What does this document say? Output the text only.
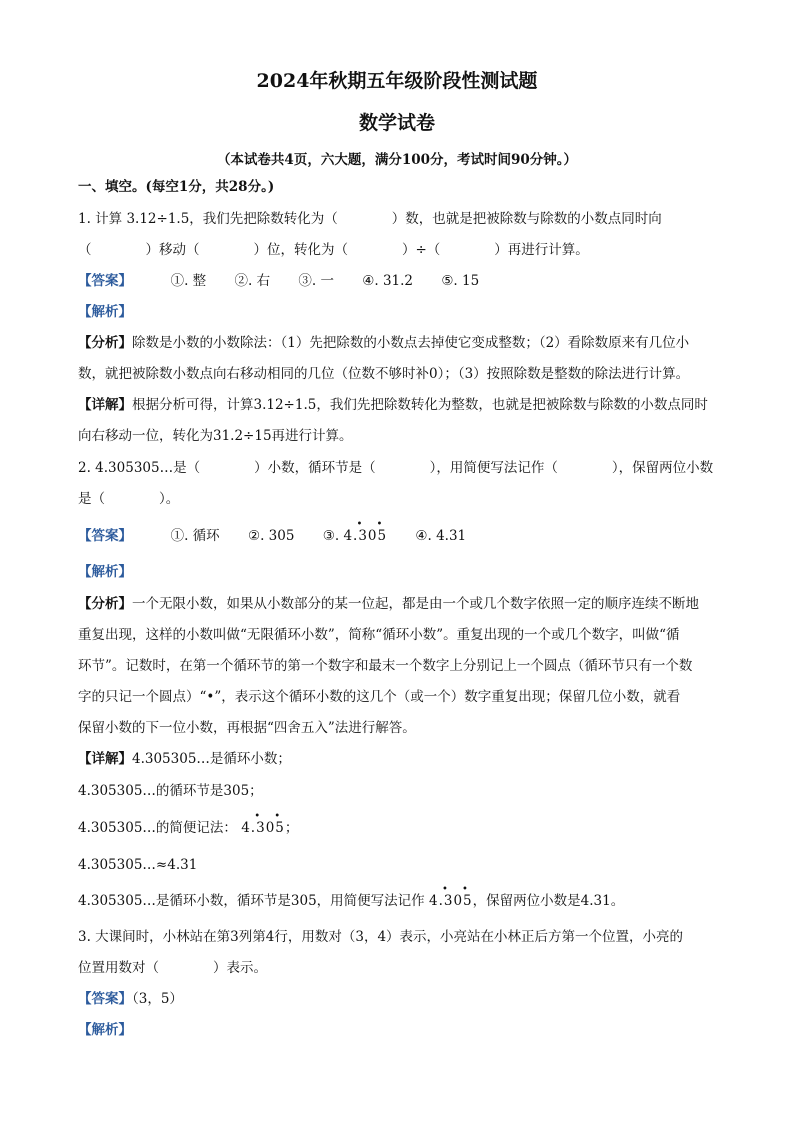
2024年秋期五年级阶段性测试题
数学试卷
（本试卷共4页，六大题，满分100分，考试时间90分钟。）
一、填空。(每空1分，共28分。)
1. 计算 3.12÷1.5，我们先把除数转化为（　　　　）数，也就是把被除数与除数的小数点同时向
（　　　　）移动（　　　　）位，转化为（　　　　）÷（　　　　）再进行计算。
【答案】	①. 整 ②. 右 ③. 一 ④. 31.2 ⑤. 15
【解析】
【分析】除数是小数的小数除法：（1）先把除数的小数点去掉使它变成整数；（2）看除数原来有几位小
数，就把被除数小数点向右移动相同的几位（位数不够时补0）；（3）按照除数是整数的除法进行计算。
【详解】根据分析可得，计算3.12÷1.5，我们先把除数转化为整数，也就是把被除数与除数的小数点同时
向右移动一位，转化为31.2÷15再进行计算。
2. 4.305305…是（　　　　）小数，循环节是（　　　　），用简便写法记作（　　　　），保留两位小数
是（　　　　）。
【答案】	①. 循环 ②. 305 ③. 4.305
• •
④. 4.31
【解析】
【分析】一个无限小数，如果从小数部分的某一位起，都是由一个或几个数字依照一定的顺序连续不断地
重复出现，这样的小数叫做“无限循环小数”，简称“循环小数”。重复出现的一个或几个数字，叫做“循
环节”。记数时，在第一个循环节的第一个数字和最末一个数字上分别记上一个圆点（循环节只有一个数
字的只记一个圆点）“•”，表示这个循环小数的这几个（或一个）数字重复出现；保留几位小数，就看
保留小数的下一位小数，再根据“四舍五入”法进行解答。
【详解】4.305305…是循环小数；
4.305305…的循环节是305；
4.305305…的简便记法： 4.305
• •
；
4.305305…≈4.31
4.305305…是循环小数，循环节是305，用简便写法记作 4.305
• •
，保留两位小数是4.31。
3. 大课间时，小林站在第3列第4行，用数对（3，4）表示，小亮站在小林正后方第一个位置，小亮的
位置用数对（　　　　）表示。
【答案】（3，5）
【解析】
